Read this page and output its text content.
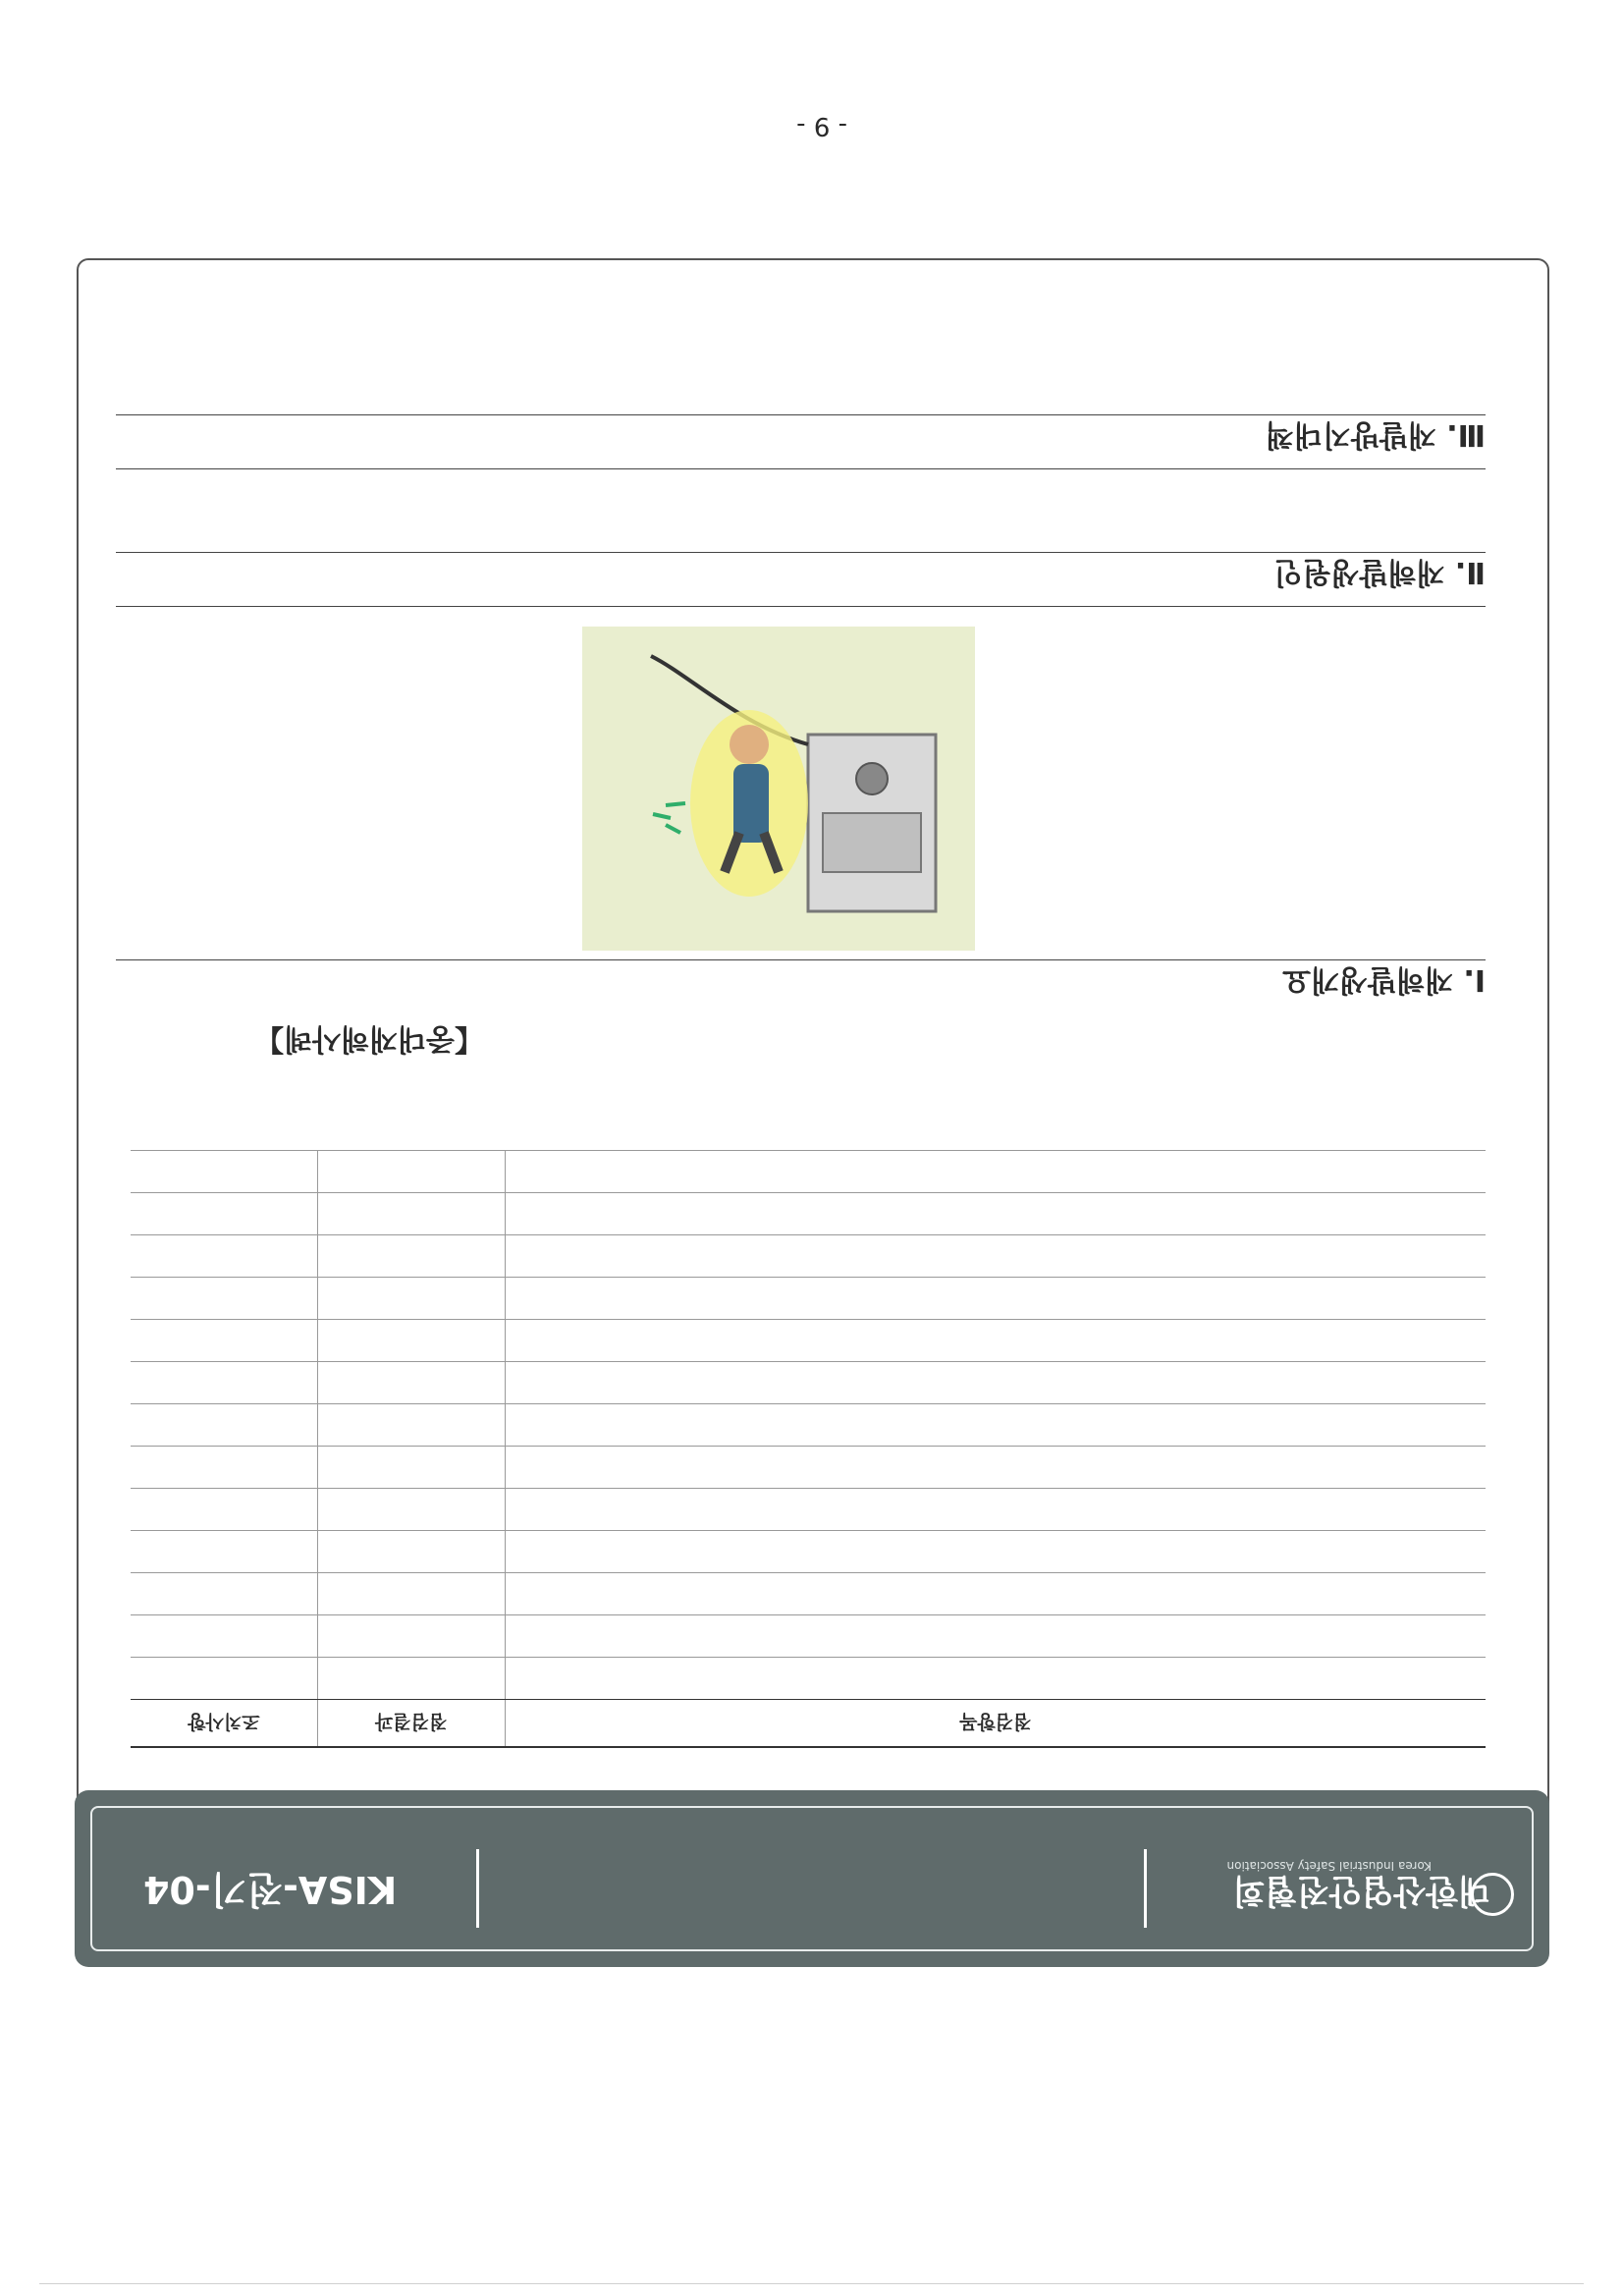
대한산업안전협회
Korea Industrial Safety Association
KISA-전기-04
점검항목	점검결과	조치사항

【중대재해사례】
Ⅰ. 재해발생개요
Ⅱ. 재해발생원인
Ⅲ. 재발방지대책
- 9 -
